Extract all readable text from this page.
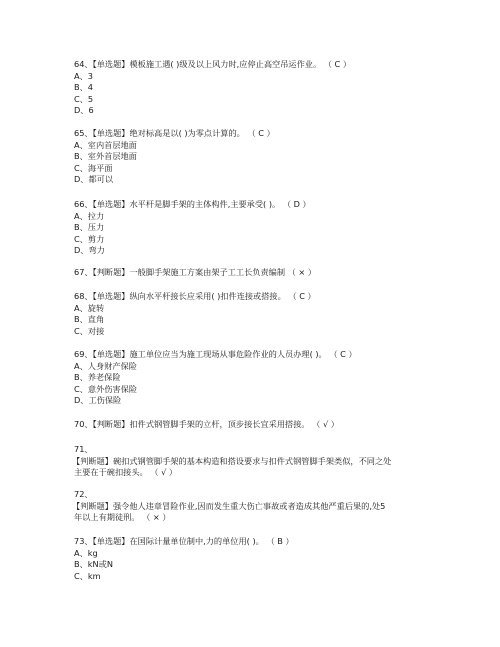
64、【单选题】模板施工遇( )级及以上风力时,应停止高空吊运作业。 （ C ）
A、3
B、4
C、5
D、6
65、【单选题】绝对标高是以( )为零点计算的。 （ C ）
A、室内首层地面
B、室外首层地面
C、海平面
D、都可以
66、【单选题】水平杆是脚手架的主体构件,主要承受( )。 （ D ）
A、拉力
B、压力
C、剪力
D、弯力
67、【判断题】一般脚手架施工方案由架子工工长负责编制 （ × ）
68、【单选题】纵向水平杆接长应采用( )扣件连接或搭接。 （ C ）
A、旋转
B、直角
C、对接
69、【单选题】施工单位应当为施工现场从事危险作业的人员办理( )。 （ C ）
A、人身财产保险
B、养老保险
C、意外伤害保险
D、工伤保险
70、【判断题】扣件式钢管脚手架的立杆，顶步接长宜采用搭接。 （ √ ）
71、
【判断题】碗扣式钢管脚手架的基本构造和搭设要求与扣件式钢管脚手架类似，不同之处
主要在于碗扣接头。 （ √ ）
72、
【判断题】强令他人违章冒险作业,因而发生重大伤亡事故或者造成其他严重后果的,处5
年以上有期徒刑。 （ × ）
73、【单选题】在国际计量单位制中,力的单位用( )。 （ B ）
A、kg
B、kN或N
C、km
